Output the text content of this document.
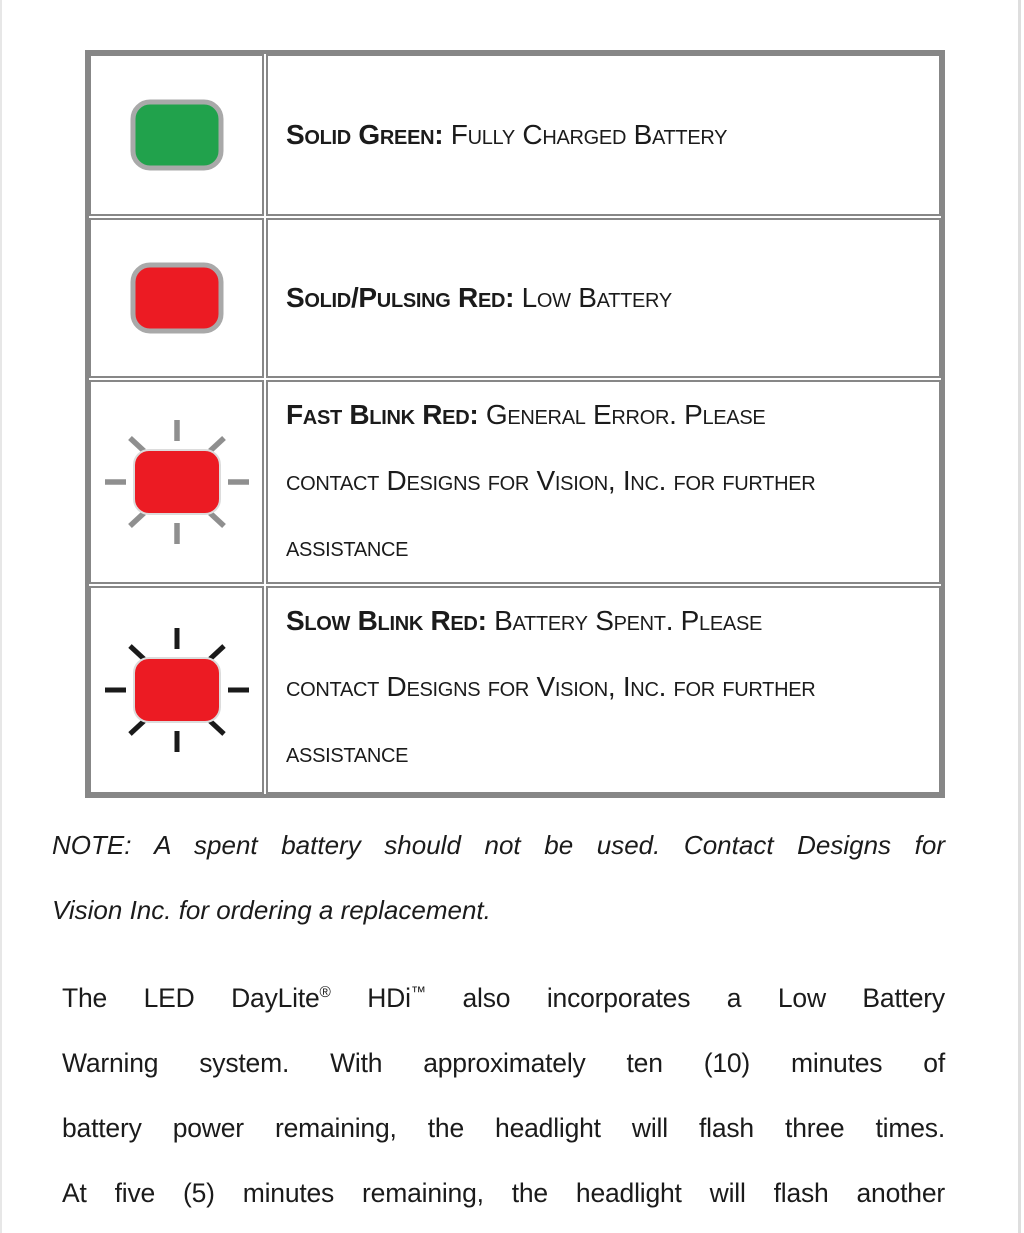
Solid Green: Fully Charged Battery
Solid/Pulsing Red: Low Battery
Fast Blink Red: General Error. Please
contact Designs for Vision, Inc. for further
assistance
Slow Blink Red: Battery Spent. Please
contact Designs for Vision, Inc. for further
assistance
NOTE: A spent battery should not be used. Contact Designs for
Vision Inc. for ordering a replacement.
The LED DayLite® HDi™ also incorporates a Low Battery
Warning system. With approximately ten (10) minutes of
battery power remaining, the headlight will flash three times.
At five (5) minutes remaining, the headlight will flash another
